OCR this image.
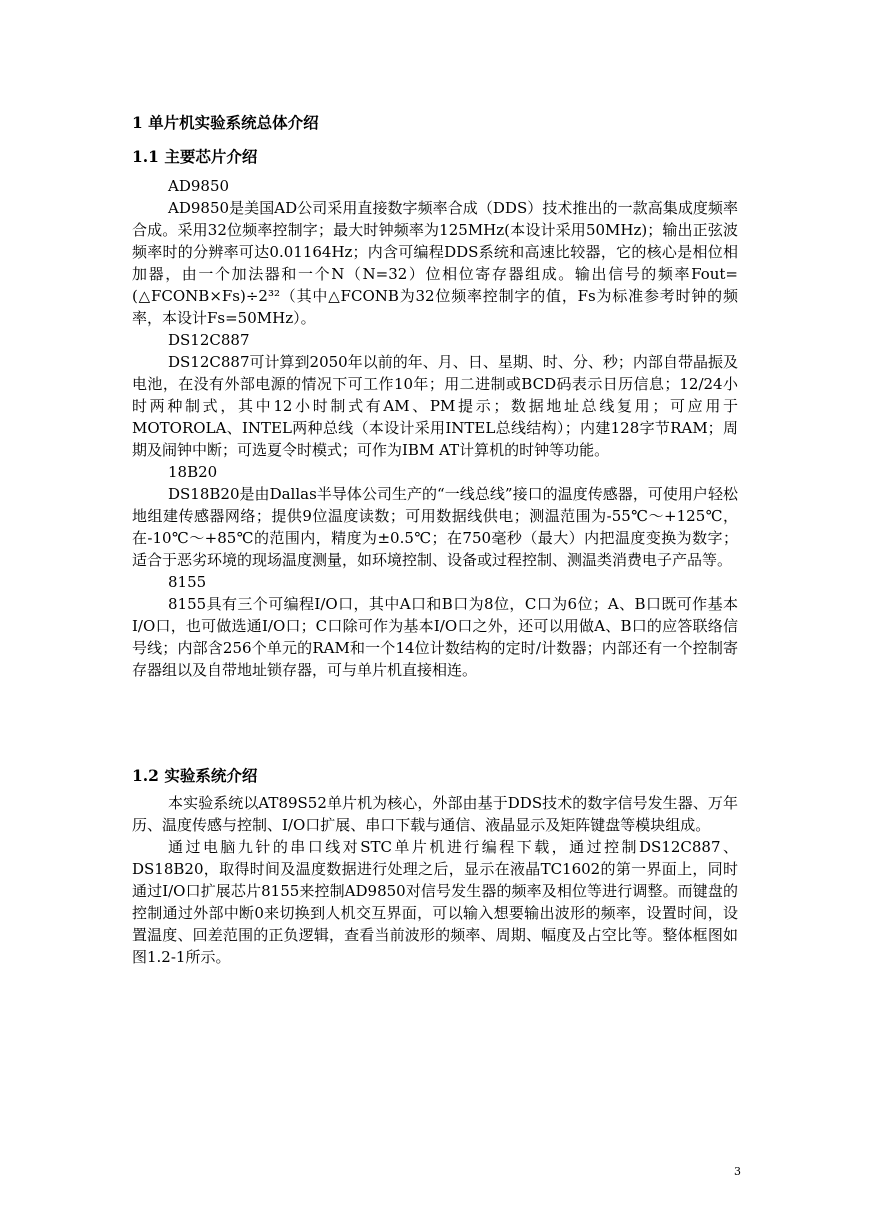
1 单片机实验系统总体介绍
1.1 主要芯片介绍

AD9850

AD9850是美国AD公司采用直接数字频率合成（DDS）技术推出的一款高集成度频率合成。采用32位频率控制字；最大时钟频率为125MHz(本设计采用50MHz)；输出正弦波频率时的分辨率可达0.01164Hz；内含可编程DDS系统和高速比较器，它的核心是相位相加器，由一个加法器和一个N（N=32）位相位寄存器组成。输出信号的频率Fout=(△FCONB×Fs)÷2³²（其中△FCONB为32位频率控制字的值，Fs为标准参考时钟的频率，本设计Fs=50MHz）。

DS12C887

DS12C887可计算到2050年以前的年、月、日、星期、时、分、秒；内部自带晶振及电池，在没有外部电源的情况下可工作10年；用二进制或BCD码表示日历信息；12/24小时两种制式，其中12小时制式有AM、PM提示；数据地址总线复用；可应用于MOTOROLA、INTEL两种总线（本设计采用INTEL总线结构）；内建128字节RAM；周期及闹钟中断；可选夏令时模式；可作为IBM AT计算机的时钟等功能。

18B20

DS18B20是由Dallas半导体公司生产的“一线总线”接口的温度传感器，可使用户轻松地组建传感器网络；提供9位温度读数；可用数据线供电；测温范围为-55℃～+125℃，在-10℃～+85℃的范围内，精度为±0.5℃；在750毫秒（最大）内把温度变换为数字；适合于恶劣环境的现场温度测量，如环境控制、设备或过程控制、测温类消费电子产品等。

8155

8155具有三个可编程I/O口，其中A口和B口为8位，C口为6位；A、B口既可作基本I/O口，也可做选通I/O口；C口除可作为基本I/O口之外，还可以用做A、B口的应答联络信号线；内部含256个单元的RAM和一个14位计数结构的定时/计数器；内部还有一个控制寄存器组以及自带地址锁存器，可与单片机直接相连。

1.2 实验系统介绍

本实验系统以AT89S52单片机为核心，外部由基于DDS技术的数字信号发生器、万年历、温度传感与控制、I/O口扩展、串口下载与通信、液晶显示及矩阵键盘等模块组成。

通过电脑九针的串口线对STC单片机进行编程下载，通过控制DS12C887、DS18B20，取得时间及温度数据进行处理之后，显示在液晶TC1602的第一界面上，同时通过I/O口扩展芯片8155来控制AD9850对信号发生器的频率及相位等进行调整。而键盘的控制通过外部中断0来切换到人机交互界面，可以输入想要输出波形的频率，设置时间，设置温度、回差范围的正负逻辑，查看当前波形的频率、周期、幅度及占空比等。整体框图如图1.2-1所示。

3
